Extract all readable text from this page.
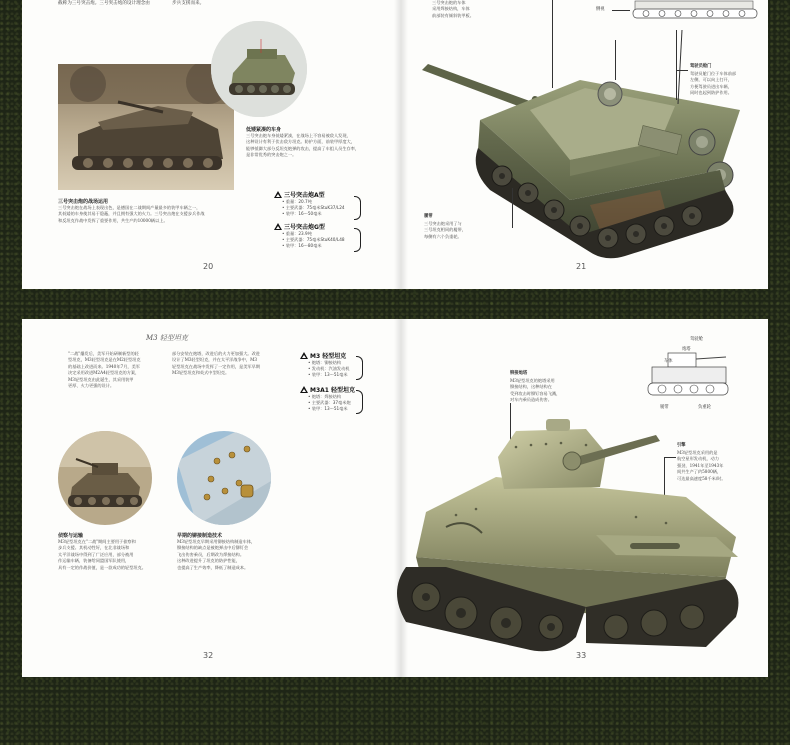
截称为三号突击炮。三号突击炮的设计理念由	步兵支援而来。
三号突击炮的战场运用
三号突击炮在战场上表现出色，是德国在二战期间产量最多的装甲车辆之一，
其低矮的车身使其易于隐蔽，并且拥有强大的火力。三号突击炮在支援步兵作战
和反坦克作战中发挥了重要作用，共生产约10000辆以上。
低矮紧凑的车身
三号突击炮车身低矮紧凑，在战场上不容易被敌人发现，
这种设计有利于伏击敌方坦克。防护方面，前装甲厚度大，
能够抵御大部分反坦克炮弹的攻击，提高了车组人员生存率，
是非常优秀的突击炮之一。
三号突击炮A型
• 重量：20.7吨
• 主要武器：75毫米StuK37/L24
• 装甲：16～50毫米
三号突击炮G型
• 重量：23.9吨
• 主要武器：75毫米StuK40/L48
• 装甲：16～80毫米
20
三号突击炮的车体
采用焊接结构，车体
前部装有倾斜装甲板。
侧视
驾驶员舱门
驾驶员舱门位于车体前部
左侧，可以向上打开，
方便驾驶员进出车辆，
同时也起到防护作用。
履带
三号突击炮采用了与
三号坦克相同的履带，
每侧有六个负重轮。
21
M3 轻型坦克
"二战"爆发后，美军开始研制新型的轻
型坦克，M3轻型坦克是在M2轻型坦克
的基础上改进而来。1940年7月，美军
决定采用改进M2A4轻型坦克的方案，
M3轻型坦克由此诞生，其采用装甲
更厚、火力更强的设计。
部分安装在炮塔，改进后的火力更加强大。改进
设计了M3轻型坦克，并在太平洋战争中，M3
轻型坦克在战场中发挥了一定作用，是美军早期
M3轻型坦克和英式中型坦克。
M3 轻型坦克
• 炮塔：铆接结构
• 发动机：汽油发动机
• 装甲：13～51毫米
M3A1 轻型坦克
• 炮塔：焊接结构
• 主要武器：37毫米炮
• 装甲：13～51毫米
侦察与运输
M3轻型坦克在"二战"期间主要用于侦察和
步兵支援。其机动性好，在北非战场和
太平洋战场中得到了广泛应用，部分被用
作运输车辆，装备给同盟国军队使用，
具有一定的作战价值，是一款成功的轻型坦克。
早期的铆接制造技术
M3轻型坦克早期采用铆接结构制造车体，
铆接结构的缺点是被炮弹击中后铆钉会
飞出伤害乘员，后期改为焊接结构。
这种改进提升了坦克的防护性能，
也提高了生产效率，降低了制造成本。
32
铆接炮塔
M3轻型坦克的炮塔采用
铆接结构，这种结构在
受到攻击时铆钉容易飞溅，
对车内乘员造成伤害。
驾驶舱
炮塔
车体
履带	负重轮
引擎
M3轻型坦克采用的是
航空星形发动机，动力
强劲，1941年至1943年
间共生产了约5800辆，
可达最高速度58千米/时。
33
